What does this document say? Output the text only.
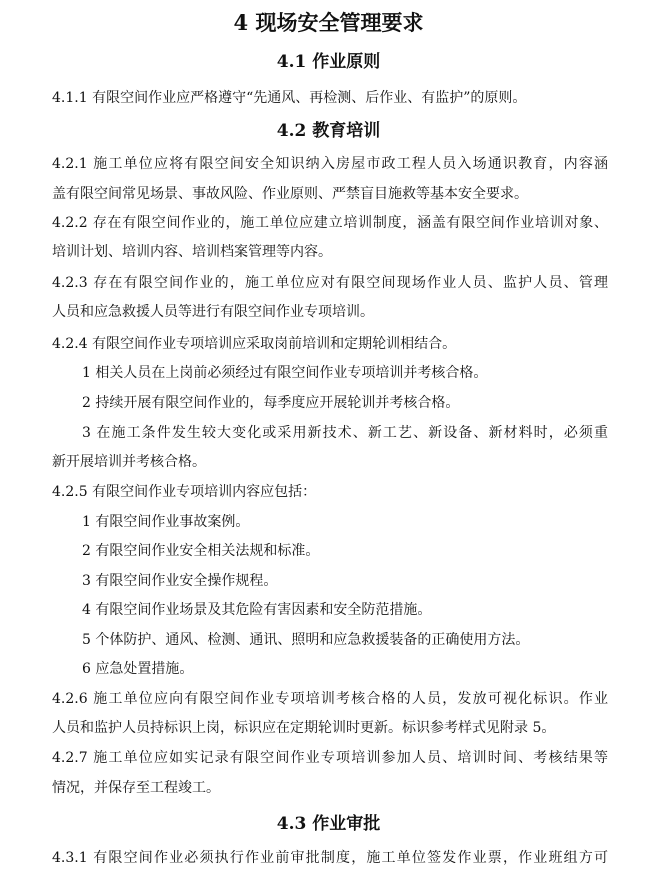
4 现场安全管理要求
4.1 作业原则
4.1.1 有限空间作业应严格遵守“先通风、再检测、后作业、有监护”的原则。
4.2 教育培训
4.2.1 施工单位应将有限空间安全知识纳入房屋市政工程人员入场通识教育，内容涵
盖有限空间常见场景、事故风险、作业原则、严禁盲目施救等基本安全要求。
4.2.2 存在有限空间作业的，施工单位应建立培训制度，涵盖有限空间作业培训对象、
培训计划、培训内容、培训档案管理等内容。
4.2.3 存在有限空间作业的，施工单位应对有限空间现场作业人员、监护人员、管理
人员和应急救援人员等进行有限空间作业专项培训。
4.2.4 有限空间作业专项培训应采取岗前培训和定期轮训相结合。
1 相关人员在上岗前必须经过有限空间作业专项培训并考核合格。
2 持续开展有限空间作业的，每季度应开展轮训并考核合格。
3 在施工条件发生较大变化或采用新技术、新工艺、新设备、新材料时，必须重
新开展培训并考核合格。
4.2.5 有限空间作业专项培训内容应包括：
1 有限空间作业事故案例。
2 有限空间作业安全相关法规和标准。
3 有限空间作业安全操作规程。
4 有限空间作业场景及其危险有害因素和安全防范措施。
5 个体防护、通风、检测、通讯、照明和应急救援装备的正确使用方法。
6 应急处置措施。
4.2.6 施工单位应向有限空间作业专项培训考核合格的人员，发放可视化标识。作业
人员和监护人员持标识上岗，标识应在定期轮训时更新。标识参考样式见附录 5。
4.2.7 施工单位应如实记录有限空间作业专项培训参加人员、培训时间、考核结果等
情况，并保存至工程竣工。
4.3 作业审批
4.3.1 有限空间作业必须执行作业前审批制度，施工单位签发作业票，作业班组方可
